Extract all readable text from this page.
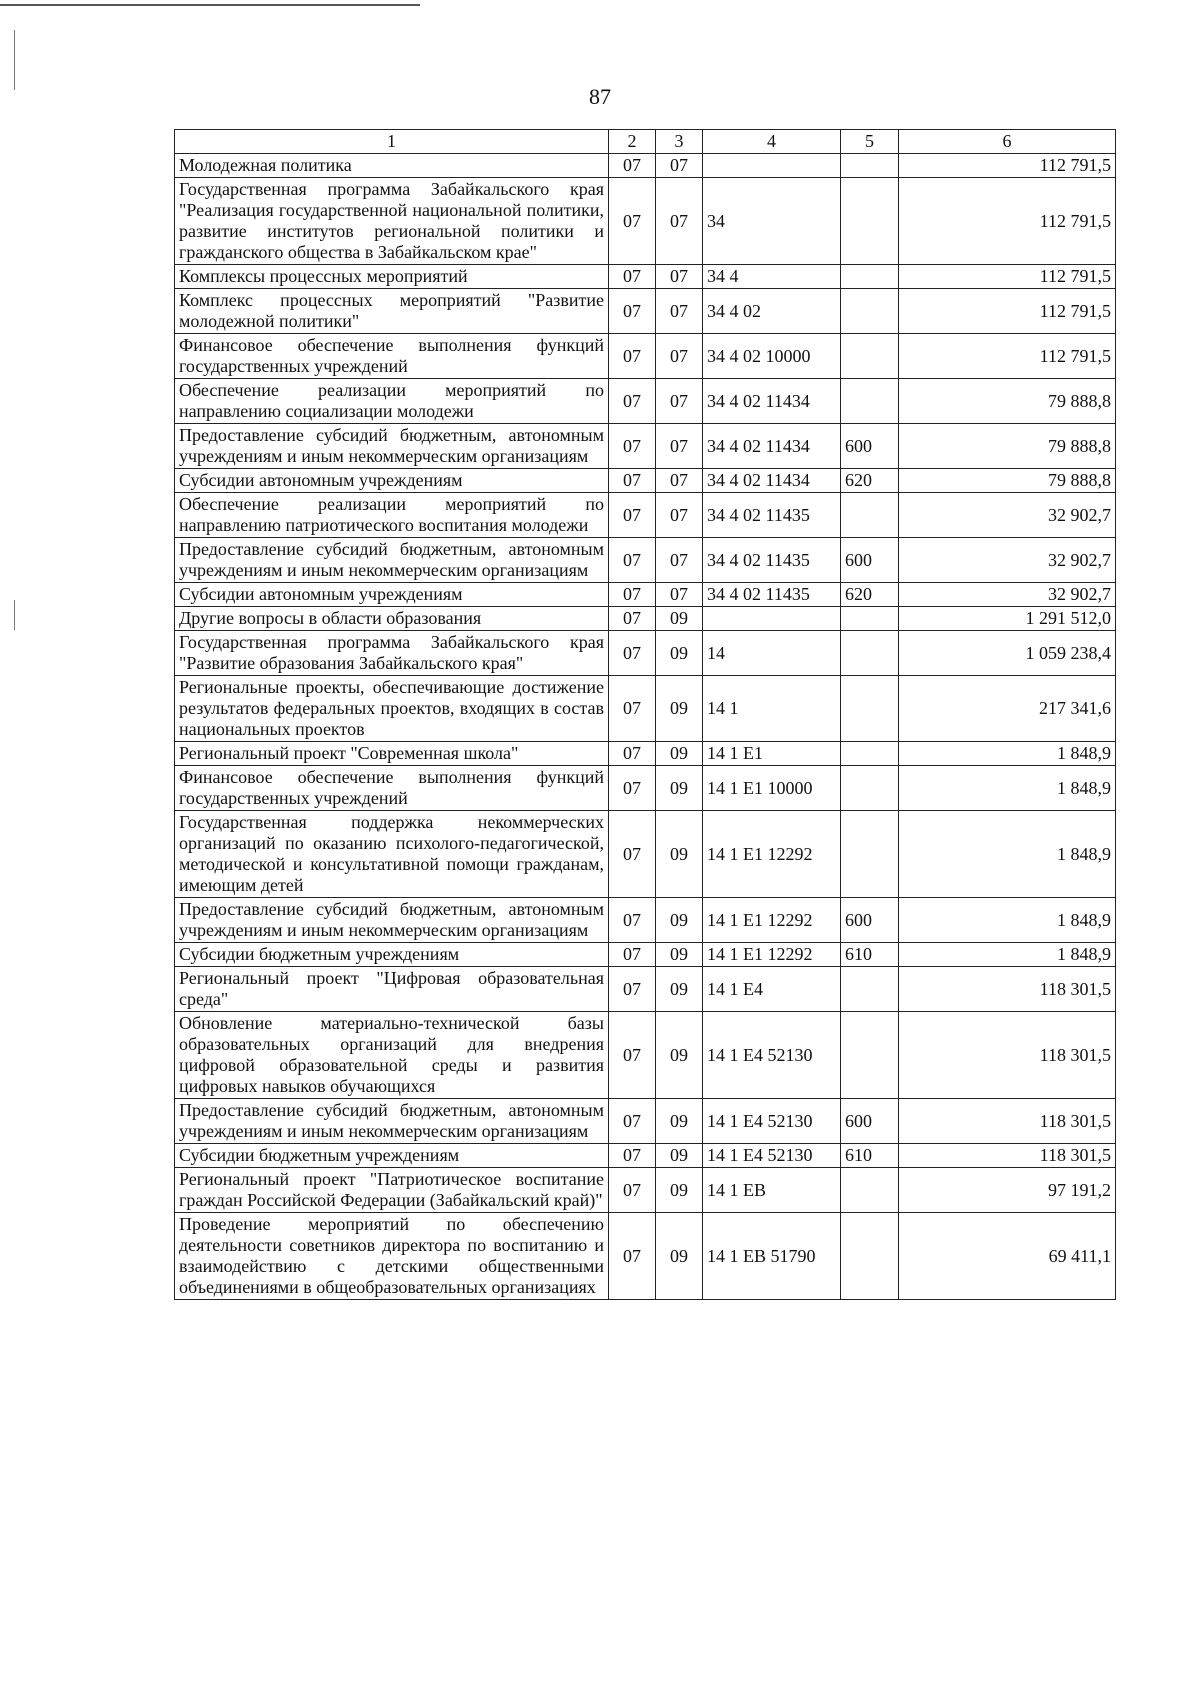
87
1	2	3	4	5	6
Молодежная политика	07	07			112 791,5
Государственная программа Забайкальского края "Реализация государственной национальной политики, развитие институтов региональной политики и гражданского общества в Забайкальском крае"	07	07	34		112 791,5
Комплексы процессных мероприятий	07	07	34 4		112 791,5
Комплекс процессных мероприятий "Развитие молодежной политики"	07	07	34 4 02		112 791,5
Финансовое обеспечение выполнения функций государственных учреждений	07	07	34 4 02 10000		112 791,5
Обеспечение реализации мероприятий по направлению социализации молодежи	07	07	34 4 02 11434		79 888,8
Предоставление субсидий бюджетным, автономным учреждениям и иным некоммерческим организациям	07	07	34 4 02 11434	600	79 888,8
Субсидии автономным учреждениям	07	07	34 4 02 11434	620	79 888,8
Обеспечение реализации мероприятий по направлению патриотического воспитания молодежи	07	07	34 4 02 11435		32 902,7
Предоставление субсидий бюджетным, автономным учреждениям и иным некоммерческим организациям	07	07	34 4 02 11435	600	32 902,7
Субсидии автономным учреждениям	07	07	34 4 02 11435	620	32 902,7
Другие вопросы в области образования	07	09			1 291 512,0
Государственная программа Забайкальского края "Развитие образования Забайкальского края"	07	09	14		1 059 238,4
Региональные проекты, обеспечивающие достижение результатов федеральных проектов, входящих в состав национальных проектов	07	09	14 1		217 341,6
Региональный проект "Современная школа"	07	09	14 1 E1		1 848,9
Финансовое обеспечение выполнения функций государственных учреждений	07	09	14 1 E1 10000		1 848,9
Государственная поддержка некоммерческих организаций по оказанию психолого-педагогической, методической и консультативной помощи гражданам, имеющим детей	07	09	14 1 E1 12292		1 848,9
Предоставление субсидий бюджетным, автономным учреждениям и иным некоммерческим организациям	07	09	14 1 E1 12292	600	1 848,9
Субсидии бюджетным учреждениям	07	09	14 1 E1 12292	610	1 848,9
Региональный проект "Цифровая образовательная среда"	07	09	14 1 E4		118 301,5
Обновление материально-технической базы образовательных организаций для внедрения цифровой образовательной среды и развития цифровых навыков обучающихся	07	09	14 1 E4 52130		118 301,5
Предоставление субсидий бюджетным, автономным учреждениям и иным некоммерческим организациям	07	09	14 1 E4 52130	600	118 301,5
Субсидии бюджетным учреждениям	07	09	14 1 E4 52130	610	118 301,5
Региональный проект "Патриотическое воспитание граждан Российской Федерации (Забайкальский край)"	07	09	14 1 EB		97 191,2
Проведение мероприятий по обеспечению деятельности советников директора по воспитанию и взаимодействию с детскими общественными объединениями в общеобразовательных организациях	07	09	14 1 EB 51790		69 411,1
